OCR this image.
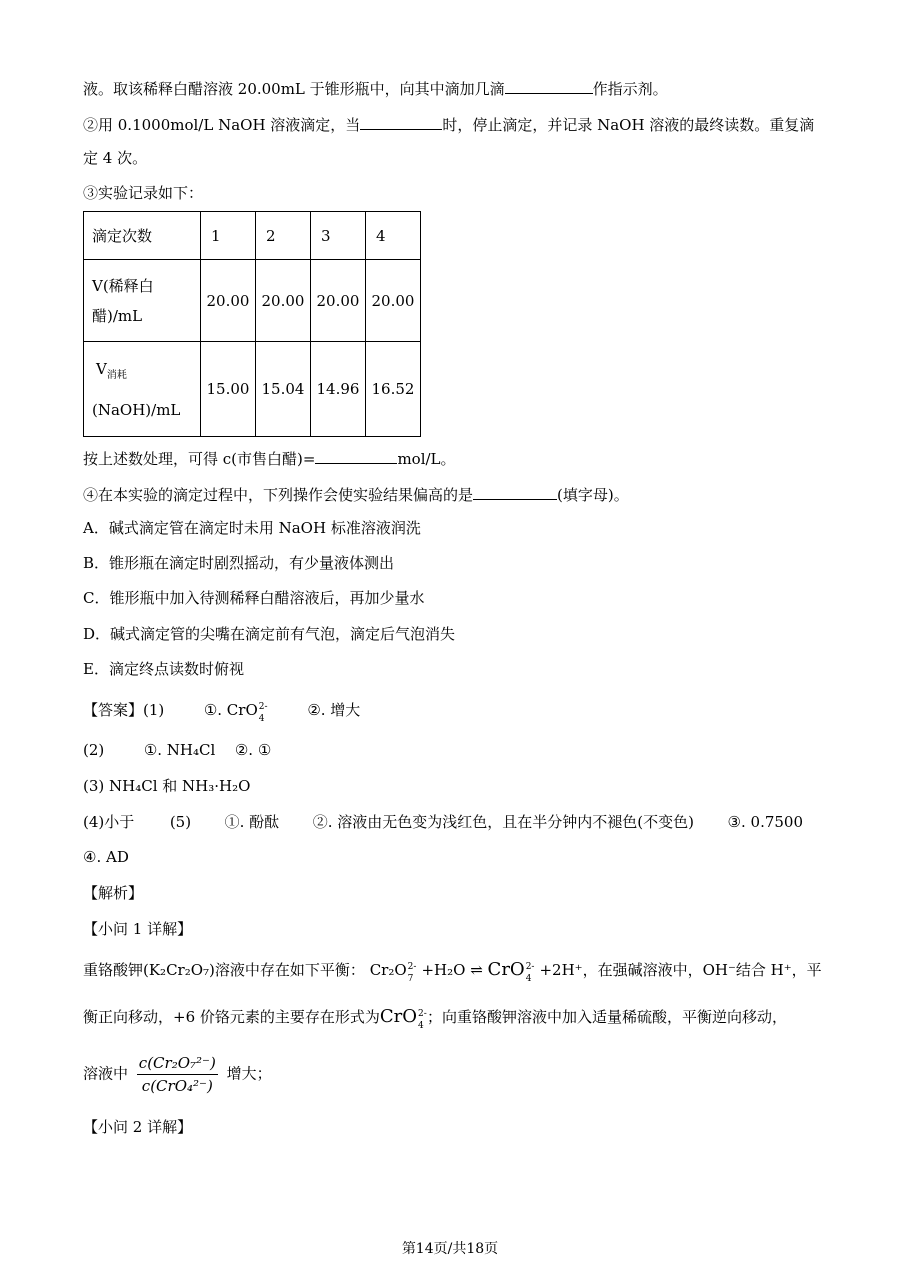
液。取该稀释白醋溶液 20.00mL 于锥形瓶中，向其中滴加几滴	作指示剂。
②用 0.1000mol/L NaOH 溶液滴定，当	时，停止滴定，并记录 NaOH 溶液的最终读数。重复滴
定 4 次。
③实验记录如下：
滴定次数	1	2	3	4

V(稀释白
醋)/mL	20.00	20.00	20.00	20.00

$V_{消耗}$
(NaOH)/mL	15.00	15.04	14.96	16.52
按上述数处理，可得 c(市售白醋)=	mol/L。
④在本实验的滴定过程中，下列操作会使实验结果偏高的是	(填字母)。
A．碱式滴定管在滴定时未用 NaOH 标准溶液润洗
B．锥形瓶在滴定时剧烈摇动，有少量液体测出
C．锥形瓶中加入待测稀释白醋溶液后，再加少量水
D．碱式滴定管的尖嘴在滴定前有气泡，滴定后气泡消失
E．滴定终点读数时俯视
【答案】(1)	①. CrO 2-
4	②. 增大
(2)	①. NH₄Cl ②. ①
(3) NH₄Cl 和 NH₃·H₂O
(4)小于 (5) ①. 酚酞 ②. 溶液由无色变为浅红色，且在半分钟内不褪色(不变色) ③. 0.7500
④. AD
【解析】
【小问 1 详解】
重铬酸钾(K₂Cr₂O₇)溶液中存在如下平衡： Cr₂O 2-
7 +H₂O ⇌ CrO 2-
4 +2H⁺，在强碱溶液中，OH⁻结合 H⁺，平
衡正向移动，+6 价铬元素的主要存在形式为CrO 2-
4 ；向重铬酸钾溶液中加入适量稀硫酸，平衡逆向移动，
溶液中 $\frac{\text{c(Cr₂O₇²⁻)}}{\text{c(CrO₄²⁻)}}$ 增大；
【小问 2 详解】
第14页/共18页
